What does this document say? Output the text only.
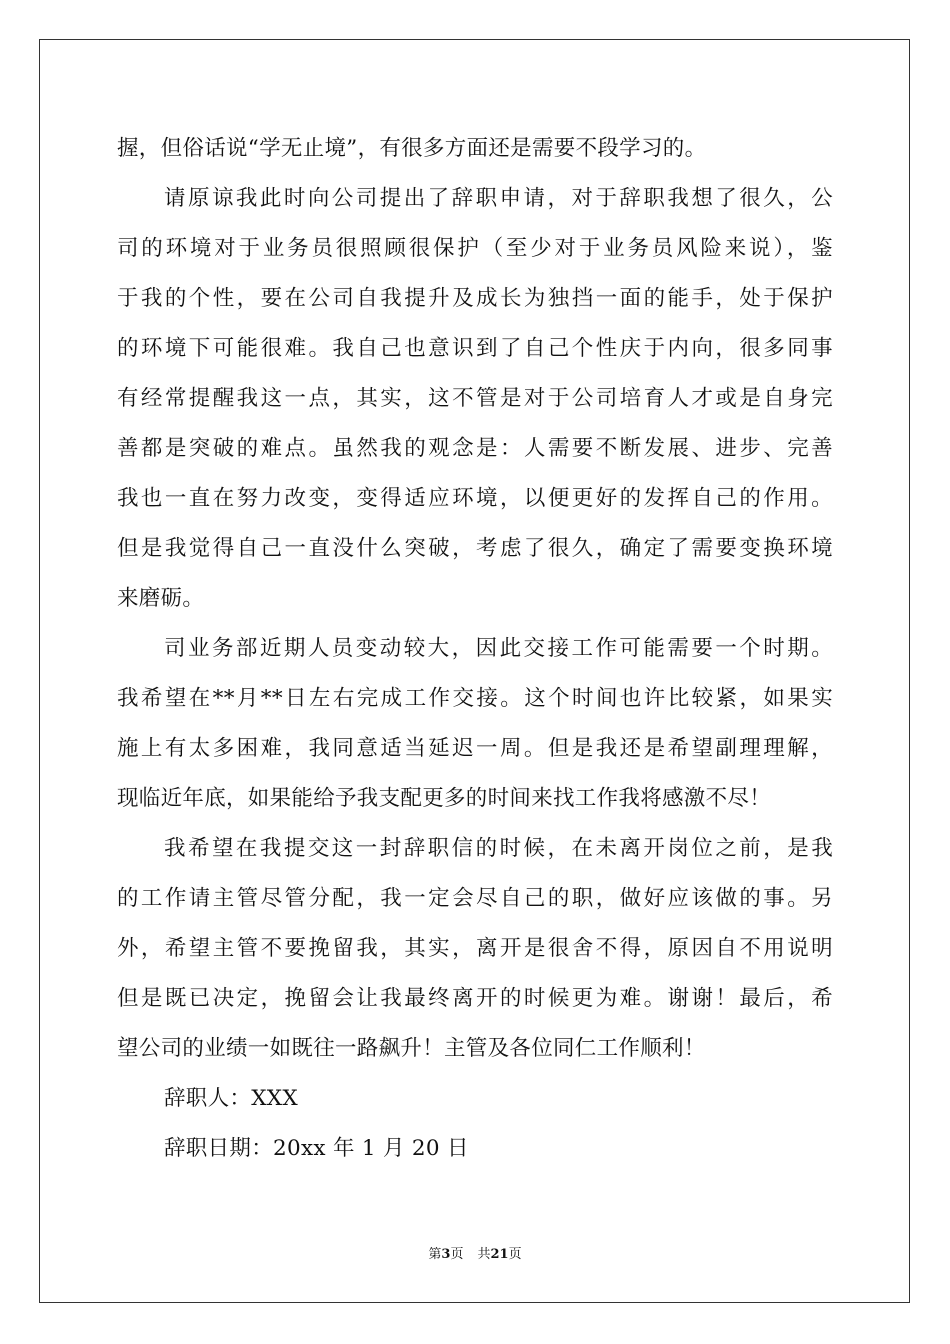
握，但俗话说“学无止境”，有很多方面还是需要不段学习的。
请原谅我此时向公司提出了辞职申请，对于辞职我想了很久，公
司的环境对于业务员很照顾很保护（至少对于业务员风险来说），鉴
于我的个性，要在公司自我提升及成长为独挡一面的能手，处于保护
的环境下可能很难。我自己也意识到了自己个性庆于内向，很多同事
有经常提醒我这一点，其实，这不管是对于公司培育人才或是自身完
善都是突破的难点。虽然我的观念是：人需要不断发展、进步、完善
我也一直在努力改变，变得适应环境，以便更好的发挥自己的作用。
但是我觉得自己一直没什么突破，考虑了很久，确定了需要变换环境
来磨砺。
司业务部近期人员变动较大，因此交接工作可能需要一个时期。
我希望在**月**日左右完成工作交接。这个时间也许比较紧，如果实
施上有太多困难，我同意适当延迟一周。但是我还是希望副理理解，
现临近年底，如果能给予我支配更多的时间来找工作我将感激不尽！
我希望在我提交这一封辞职信的时候，在未离开岗位之前，是我
的工作请主管尽管分配，我一定会尽自己的职，做好应该做的事。另
外，希望主管不要挽留我，其实，离开是很舍不得，原因自不用说明
但是既已决定，挽留会让我最终离开的时候更为难。谢谢！最后，希
望公司的业绩一如既往一路飙升！主管及各位同仁工作顺利！
辞职人：XXX
辞职日期：20xx 年 1 月 20 日
第3页 共21页
